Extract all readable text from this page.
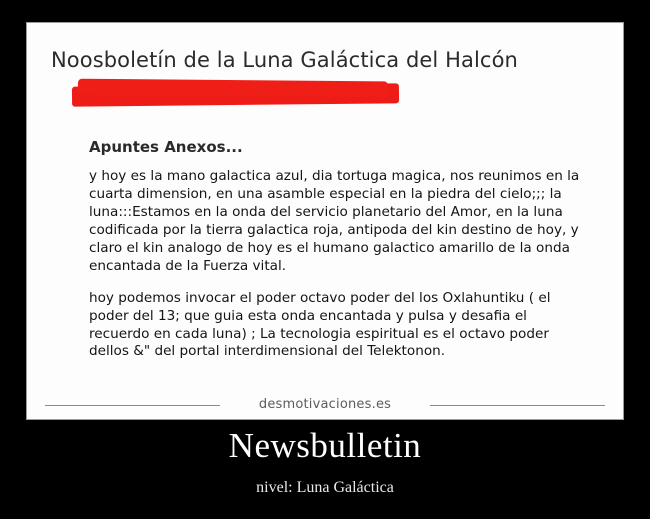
Noosboletín de la Luna Galáctica del Halcón

Apuntes Anexos...

y hoy es la mano galactica azul, dia tortuga magica, nos reunimos en la cuarta dimension, en una asamble especial en la piedra del cielo;;; la luna:::Estamos en la onda del servicio planetario del Amor, en la luna codificada por la tierra galactica roja, antipoda del kin destino de hoy, y claro el kin analogo de hoy es el humano galactico amarillo de la onda encantada de la Fuerza vital.

hoy podemos invocar el poder octavo poder del los Oxlahuntiku ( el poder del 13; que guia esta onda encantada y pulsa y desafia el recuerdo en cada luna) ; La tecnologia espiritual es el octavo poder dellos &" del portal interdimensional del Telektonon.

desmotivaciones.es
Newsbulletin
nivel: Luna Galáctica
